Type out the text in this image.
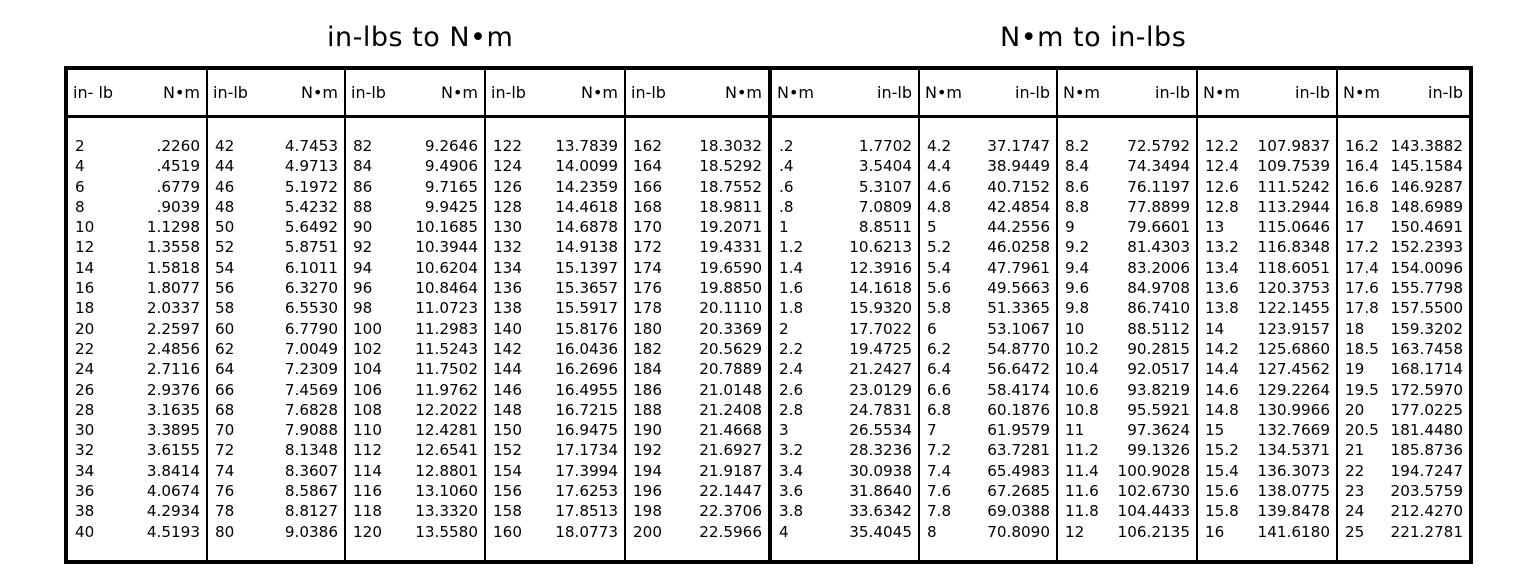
in-lbs to N•m	N•m to in-lbs
in- lb	N•m
2	.2260
4	.4519
6	.6779
8	.9039
10	1.1298
12	1.3558
14	1.5818
16	1.8077
18	2.0337
20	2.2597
22	2.4856
24	2.7116
26	2.9376
28	3.1635
30	3.3895
32	3.6155
34	3.8414
36	4.0674
38	4.2934
40	4.5193
in-lb	N•m
42	4.7453
44	4.9713
46	5.1972
48	5.4232
50	5.6492
52	5.8751
54	6.1011
56	6.3270
58	6.5530
60	6.7790
62	7.0049
64	7.2309
66	7.4569
68	7.6828
70	7.9088
72	8.1348
74	8.3607
76	8.5867
78	8.8127
80	9.0386
in-lb	N•m
82	9.2646
84	9.4906
86	9.7165
88	9.9425
90	10.1685
92	10.3944
94	10.6204
96	10.8464
98	11.0723
100 11.2983
102 11.5243
104 11.7502
106 11.9762
108 12.2022
110 12.4281
112 12.6541
114 12.8801
116 13.1060
118 13.3320
120 13.5580
in-lb	N•m
122 13.7839
124 14.0099
126 14.2359
128 14.4618
130 14.6878
132 14.9138
134 15.1397
136 15.3657
138 15.5917
140 15.8176
142 16.0436
144 16.2696
146 16.4955
148 16.7215
150 16.9475
152 17.1734
154 17.3994
156 17.6253
158 17.8513
160 18.0773
in-lb	N•m
162 18.3032
164 18.5292
166 18.7552
168 18.9811
170 19.2071
172 19.4331
174 19.6590
176 19.8850
178 20.1110
180 20.3369
182 20.5629
184 20.7889
186 21.0148
188 21.2408
190 21.4668
192 21.6927
194 21.9187
196 22.1447
198 22.3706
200 22.5966
N•m	in-lb
.2	1.7702
.4	3.5404
.6	5.3107
.8	7.0809
1	8.8511
1.2	10.6213
1.4	12.3916
1.6	14.1618
1.8	15.9320
2	17.7022
2.2	19.4725
2.4	21.2427
2.6	23.0129
2.8	24.7831
3	26.5534
3.2	28.3236
3.4	30.0938
3.6	31.8640
3.8	33.6342
4	35.4045
N•m	in-lb
4.2 37.1747
4.4 38.9449
4.6 40.7152
4.8 42.4854
5	44.2556
5.2 46.0258
5.4 47.7961
5.6 49.5663
5.8 51.3365
6	53.1067
6.2 54.8770
6.4 56.6472
6.6 58.4174
6.8 60.1876
7	61.9579
7.2 63.7281
7.4 65.4983
7.6 67.2685
7.8 69.0388
8	70.8090
N•m	in-lb
8.2	72.5792
8.4	74.3494
8.6	76.1197
8.8	77.8899
9	79.6601
9.2	81.4303
9.4	83.2006
9.6	84.9708
9.8	86.7410
10	88.5112
10.2 90.2815
10.4 92.0517
10.6 93.8219
10.8 95.5921
11	97.3624
11.2 99.1326
11.4 100.9028
11.6 102.6730
11.8 104.4433
12 106.2135
N•m	in-lb
12.2 107.9837
12.4 109.7539
12.6 111.5242
12.8 113.2944
13 115.0646
13.2 116.8348
13.4 118.6051
13.6 120.3753
13.8 122.1455
14 123.9157
14.2 125.6860
14.4 127.4562
14.6 129.2264
14.8 130.9966
15 132.7669
15.2 134.5371
15.4 136.3073
15.6 138.0775
15.8 139.8478
16 141.6180
N•m	in-lb
16.2 143.3882
16.4 145.1584
16.6 146.9287
16.8 148.6989
17 150.4691
17.2 152.2393
17.4 154.0096
17.6 155.7798
17.8 157.5500
18 159.3202
18.5 163.7458
19 168.1714
19.5 172.5970
20 177.0225
20.5 181.4480
21 185.8736
22 194.7247
23 203.5759
24 212.4270
25 221.2781
